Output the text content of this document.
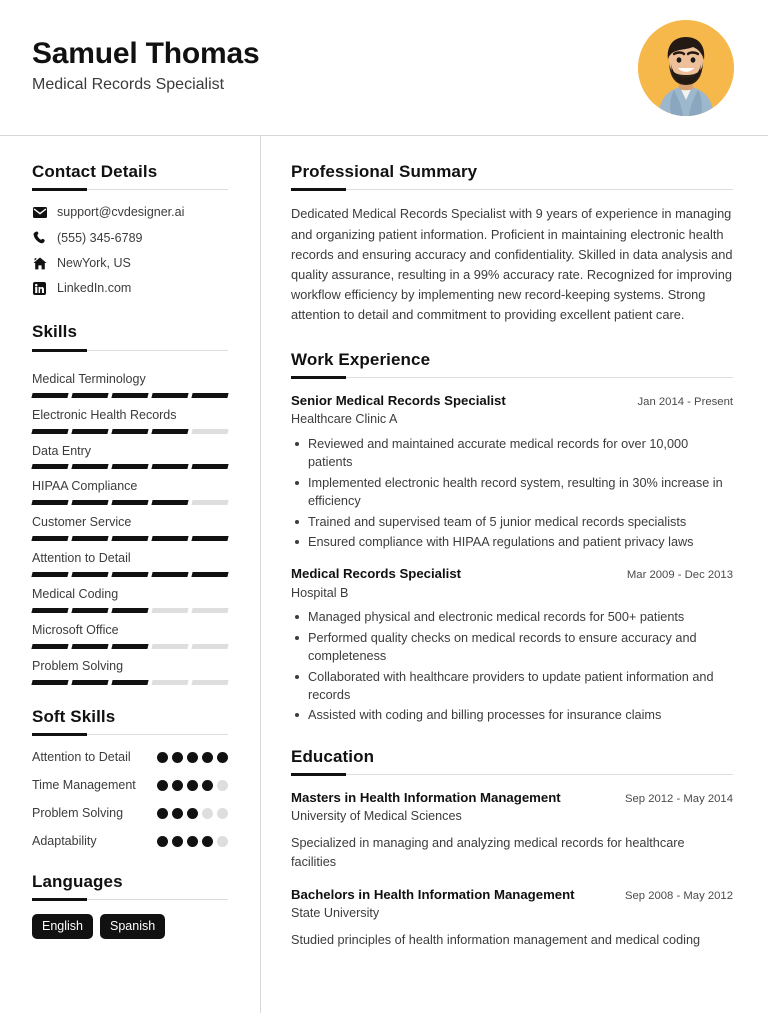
Samuel Thomas
Medical Records Specialist
Contact Details
support@cvdesigner.ai
(555) 345-6789
NewYork, US
LinkedIn.com
Skills
Medical Terminology
Electronic Health Records
Data Entry
HIPAA Compliance
Customer Service
Attention to Detail
Medical Coding
Microsoft Office
Problem Solving
Soft Skills
Attention to Detail
Time Management
Problem Solving
Adaptability
Languages
English	Spanish
Professional Summary
Dedicated Medical Records Specialist with 9 years of experience in managing and organizing patient information. Proficient in maintaining electronic health records and ensuring accuracy and confidentiality. Skilled in data analysis and quality assurance, resulting in a 99% accuracy rate. Recognized for improving workflow efficiency by implementing new record-keeping systems. Strong attention to detail and commitment to providing excellent patient care.
Work Experience
Senior Medical Records Specialist	Jan 2014 - Present
Healthcare Clinic A
Reviewed and maintained accurate medical records for over 10,000 patients
Implemented electronic health record system, resulting in 30% increase in efficiency
Trained and supervised team of 5 junior medical records specialists
Ensured compliance with HIPAA regulations and patient privacy laws
Medical Records Specialist	Mar 2009 - Dec 2013
Hospital B
Managed physical and electronic medical records for 500+ patients
Performed quality checks on medical records to ensure accuracy and completeness
Collaborated with healthcare providers to update patient information and records
Assisted with coding and billing processes for insurance claims
Education
Masters in Health Information Management	Sep 2012 - May 2014
University of Medical Sciences
Specialized in managing and analyzing medical records for healthcare facilities
Bachelors in Health Information Management	Sep 2008 - May 2012
State University
Studied principles of health information management and medical coding
